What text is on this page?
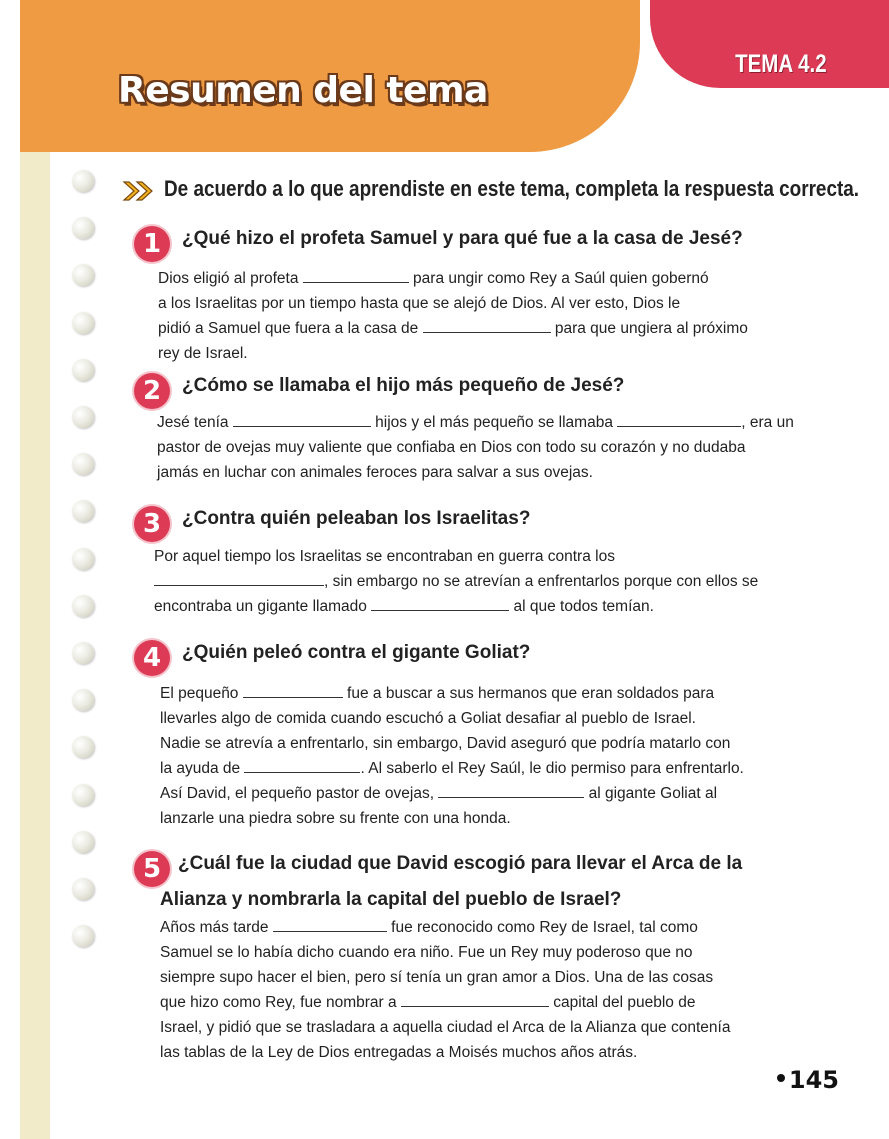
Resumen del tema
TEMA 4.2
De acuerdo a lo que aprendiste en este tema, completa la respuesta correcta.
1	¿Qué hizo el profeta Samuel y para qué fue a la casa de Jesé?

Dios eligió al profeta	para ungir como Rey a Saúl quien gobernó

a los Israelitas por un tiempo hasta que se alejó de Dios. Al ver esto, Dios le

pidió a Samuel que fuera a la casa de	para que ungiera al próximo

rey de Israel.

2	¿Cómo se llamaba el hijo más pequeño de Jesé?

Jesé tenía	hijos y el más pequeño se llamaba	, era un

pastor de ovejas muy valiente que confiaba en Dios con todo su corazón y no dudaba

jamás en luchar con animales feroces para salvar a sus ovejas.

3	¿Contra quién peleaban los Israelitas?

Por aquel tiempo los Israelitas se encontraban en guerra contra los

, sin embargo no se atrevían a enfrentarlos porque con ellos se

encontraba un gigante llamado	al que todos temían.

4	¿Quién peleó contra el gigante Goliat?

El pequeño	fue a buscar a sus hermanos que eran soldados para

llevarles algo de comida cuando escuchó a Goliat desafiar al pueblo de Israel.

Nadie se atrevía a enfrentarlo, sin embargo, David aseguró que podría matarlo con

la ayuda de	. Al saberlo el Rey Saúl, le dio permiso para enfrentarlo.

Así David, el pequeño pastor de ovejas,	al gigante Goliat al

lanzarle una piedra sobre su frente con una honda.

5 ¿Cuál fue la ciudad que David escogió para llevar el Arca de la
Alianza y nombrarla la capital del pueblo de Israel?

Años más tarde	fue reconocido como Rey de Israel, tal como

Samuel se lo había dicho cuando era niño. Fue un Rey muy poderoso que no

siempre supo hacer el bien, pero sí tenía un gran amor a Dios. Una de las cosas

que hizo como Rey, fue nombrar a	capital del pueblo de

Israel, y pidió que se trasladara a aquella ciudad el Arca de la Alianza que contenía

las tablas de la Ley de Dios entregadas a Moisés muchos años atrás.

145
